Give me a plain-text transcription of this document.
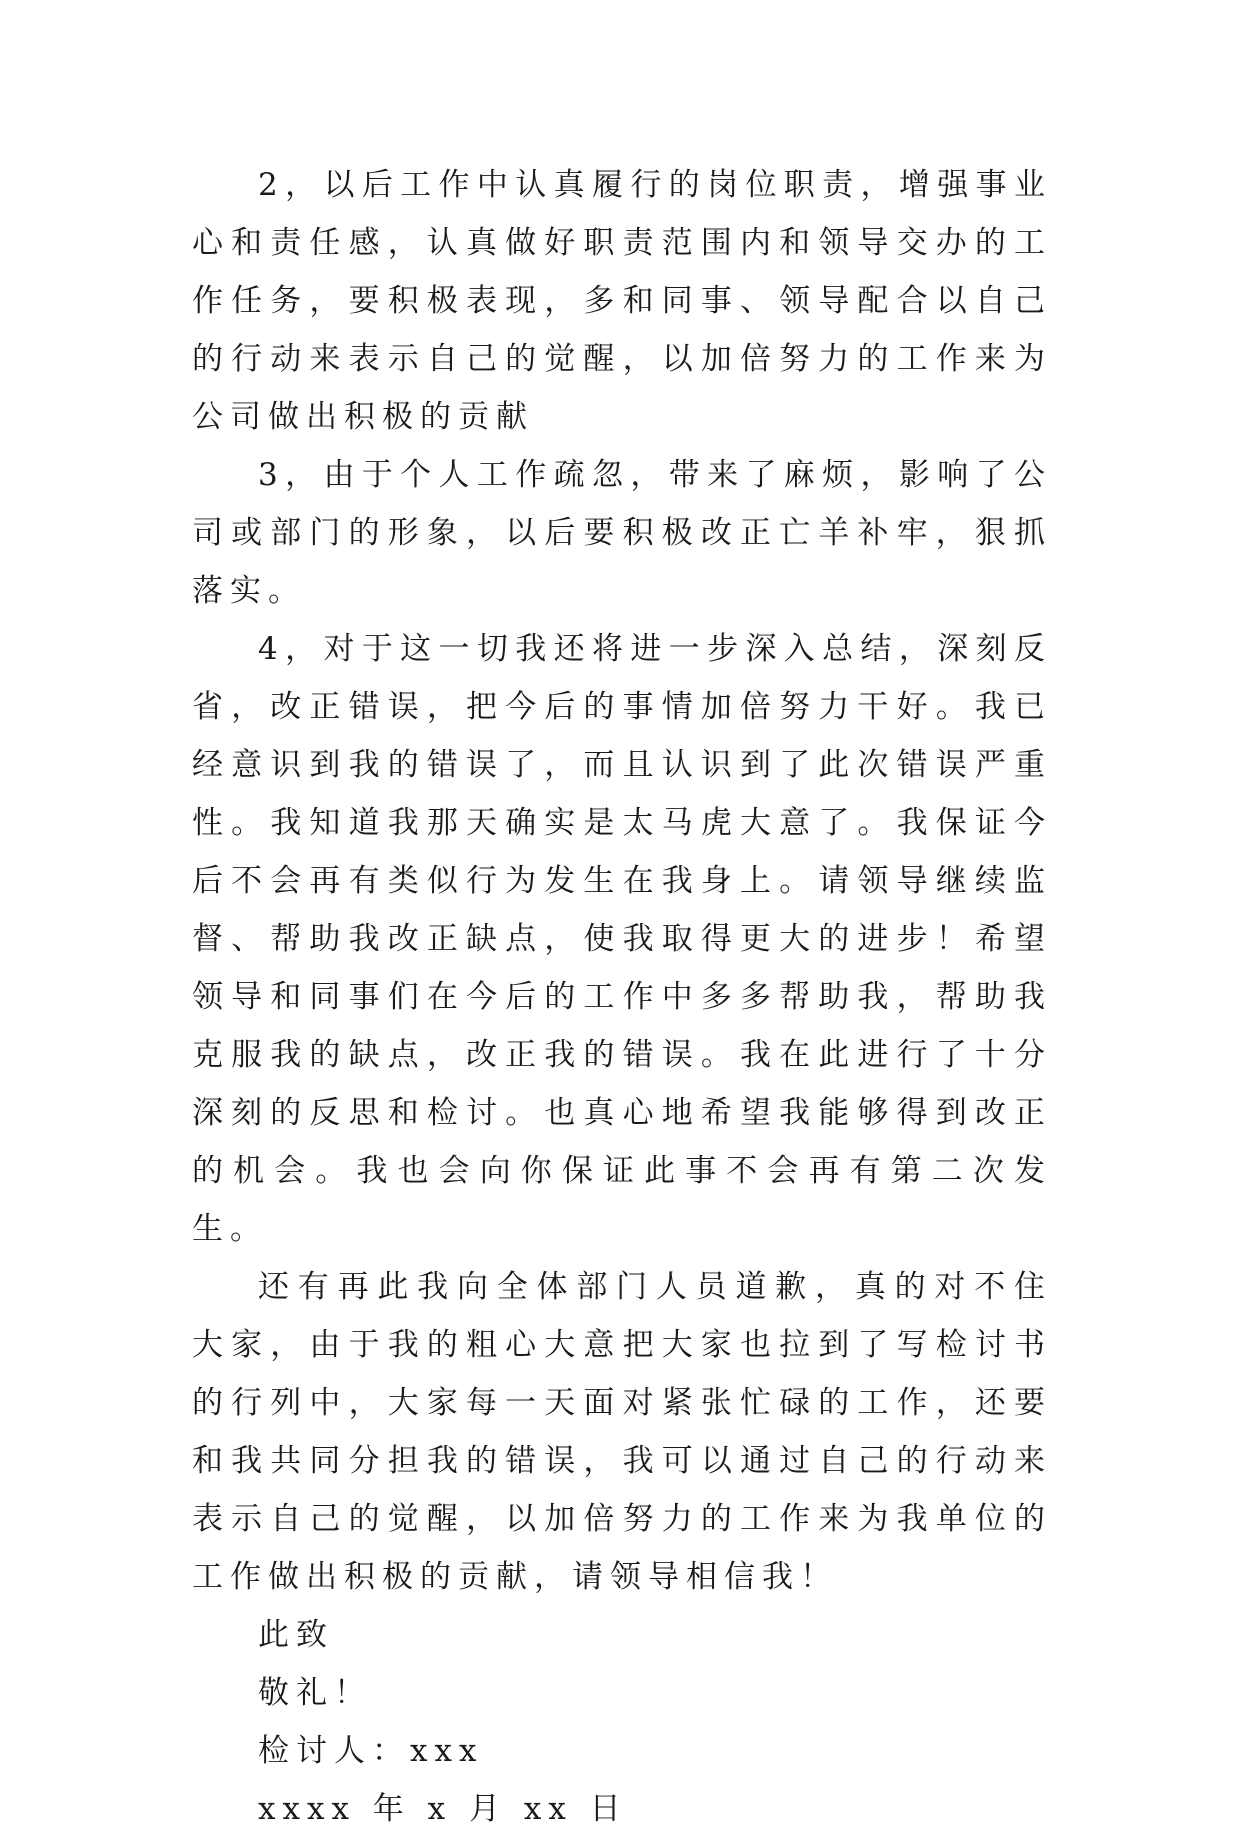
2，以后工作中认真履行的岗位职责，增强事业心和责任感，认真做好职责范围内和领导交办的工作任务，要积极表现，多和同事、领导配合以自己的行动来表示自己的觉醒，以加倍努力的工作来为公司做出积极的贡献

3，由于个人工作疏忽，带来了麻烦，影响了公司或部门的形象，以后要积极改正亡羊补牢，狠抓落实。

4，对于这一切我还将进一步深入总结，深刻反省，改正错误，把今后的事情加倍努力干好。我已经意识到我的错误了，而且认识到了此次错误严重性。我知道我那天确实是太马虎大意了。我保证今后不会再有类似行为发生在我身上。请领导继续监督、帮助我改正缺点，使我取得更大的进步！希望领导和同事们在今后的工作中多多帮助我，帮助我克服我的缺点，改正我的错误。我在此进行了十分深刻的反思和检讨。也真心地希望我能够得到改正的机会。我也会向你保证此事不会再有第二次发生。

还有再此我向全体部门人员道歉，真的对不住大家，由于我的粗心大意把大家也拉到了写检讨书的行列中，大家每一天面对紧张忙碌的工作，还要和我共同分担我的错误，我可以通过自己的行动来表示自己的觉醒，以加倍努力的工作来为我单位的工作做出积极的贡献，请领导相信我！

此致

敬礼！

检讨人：xxx

xxxx 年 x 月 xx 日
